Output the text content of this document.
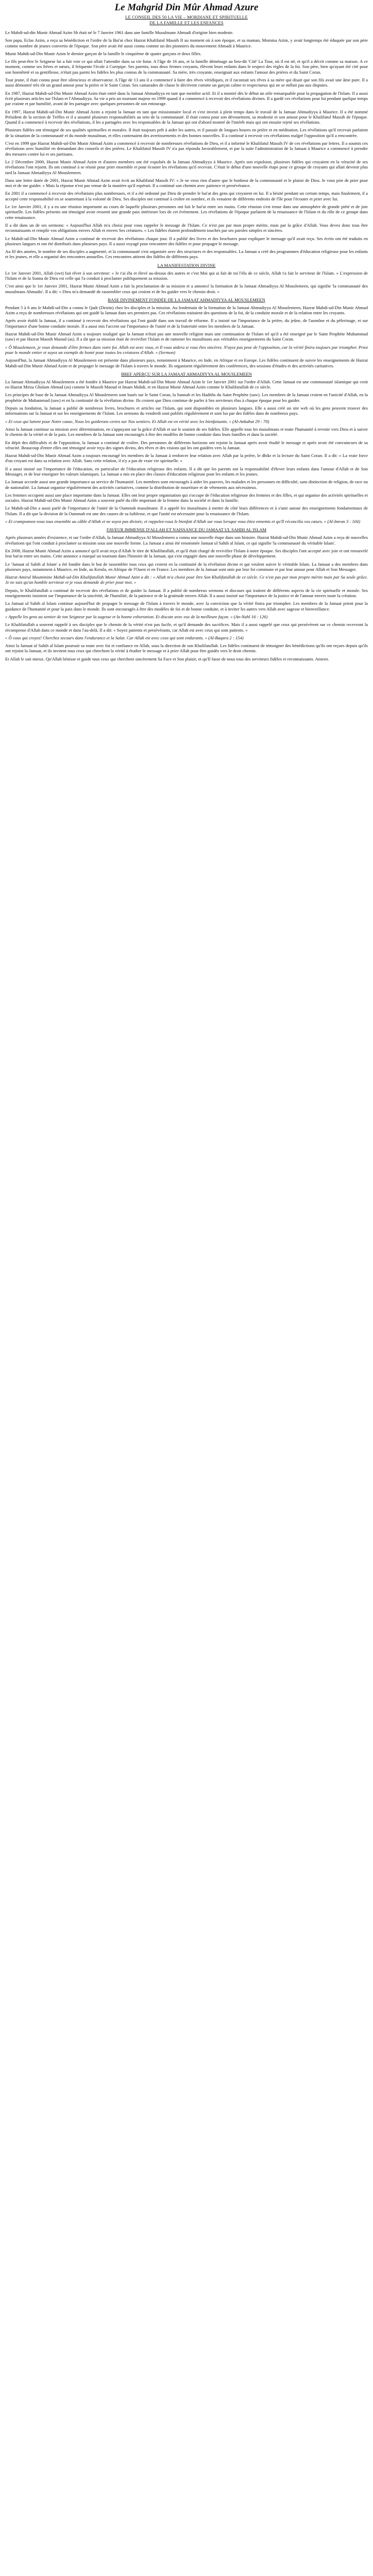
Le Mahgrid Din Mûr Ahmad Azure

LE CONSEIL DES 50 LA VIE – MORDIANE ET SPIRITUELLE

DE LA FAMILLE ET LES ENFANCES

Le Mahdi-ud-din Munir Ahmad Azim Sb était né le 7 Janvier 1961 dans une famille Musulmane Ahmadi d'origine bien modeste.

Son papa, Eclas Azim, a reçu sa bénédiction et l'ordre de la Bai'at chez Hazrat Khalifatul Massih II au moment où à son époque, et sa maman, Momina Azim, y avait longtemps été éduquée par son père comme nombre de jeunes convertis de l'époque. Son père avait été aussi connu comme un des pionniers du mouvement Ahmadi à Maurice.

Munir Mahdi-ud-Din Munir Azim le dernier garçon de la famille le cinquième de quatre garçons et deux filles.

Le fils peut-être le Seigneur lui a fait voir ce qui allait l'attendre dans sa vie futur. A l'âge de 16 ans, et la famille déménage au lieu-dit 'Cité' La Tour, où il est né, et qu'il a décrit comme sa maison. A ce moment, comme ses frères et sœurs, il fréquente l'école à Curepipe. Ses parents, tous deux fermes croyants, élèvent leurs enfants dans le respect des règles de la foi. Son père, bien qu'ayant été cité pour son honnêteté et sa gentillesse, n'était pas parmi les fidèles les plus connus de la communauté. Sa mère, très croyante, enseignait aux enfants l'amour des prières et du Saint Coran.

Tout jeune, il était connu pour être silencieux et observateur. A l'âge de 13 ans il a commencé à faire des rêves véridiques, et il racontait ses rêves à sa mère qui disait que son fils avait une âme pure. Il a aussi démontré très tôt un grand amour pour la prière et le Saint Coran. Ses camarades de classe le décrivent comme un garçon calme et respectueux qui ne se mêlait pas aux disputes.

En 1987, Hazrat Mahdi-ud-Din Munir Ahmad Azim était entré dans la Jamaat Ahmadiyya en tant que membre actif. Et il a montré dès le début un zèle remarquable pour la propagation de l'Islam. Il a aussi écrit plusieurs articles sur l'Islam et l'Ahmadiyya. Sa vie a pris un tournant majeur en 1999 quand il a commencé à recevoir des révélations divines. Il a gardé ces révélations pour lui pendant quelque temps par crainte et par humilité, avant de les partager avec quelques personnes de son entourage.

En 1997, Hazrat Mahdi-ud-Din Munir Ahmad Azim a rejoint la Jamaat en tant que missionnaire local et s'est investi à plein temps dans le travail de la Jamaat Ahmadiyya à Maurice. Il a été nommé Président de la section de Trèfles et il a assumé plusieurs responsabilités au sein de la communauté. Il était connu pour son dévouement, sa modestie et son amour pour le Khalifatul Massih de l'époque. Quand il a commencé à recevoir des révélations, il les a partagées avec les responsables de la Jamaat qui ont d'abord montré de l'intérêt mais qui ont ensuite rejeté ses révélations.

Plusieurs fidèles ont témoigné de ses qualités spirituelles et morales. Il était toujours prêt à aider les autres, et il passait de longues heures en prière et en méditation. Les révélations qu'il recevait parlaient de la situation de la communauté et du monde musulman, et elles contenaient des avertissements et des bonnes nouvelles. Il a continué à recevoir ces révélations malgré l'opposition qu'il a rencontrée.

C'est en 1999 que Hazrat Mahdi-ud-Din Munir Ahmad Azim a commencé à recevoir de nombreuses révélations de Dieu, et il a informé le Khalifatul Massih IV de ces révélations par lettres. Il a soumis ces révélations avec humilité en demandant des conseils et des prières. Le Khalifatul Massih IV n'a pas répondu favorablement, et par la suite l'administration de la Jamaat à Maurice a commencé à prendre des mesures contre lui et ses partisans.

Le 2 Décembre 2000, Hazrat Munir Ahmad Azim et d'autres membres ont été expulsés de la Jamaat Ahmadiyya à Maurice. Après son expulsion, plusieurs fidèles qui croyaient en la véracité de ses révélations l'ont rejoint. Ils ont continué à se réunir pour prier ensemble et pour écouter les révélations qu'il recevait. C'était le début d'une nouvelle étape pour ce groupe de croyants qui allait devenir plus tard la Jamaat Ahmadiyya Al Mouslemeen.

Dans une lettre datée de 2001, Hazrat Munir Ahmad Azim avait écrit au Khalifatul Massih IV: « Je ne veux rien d'autre que le bonheur de la communauté et le plaisir de Dieu. Je vous prie de prier pour moi et de me guider. » Mais la réponse n'est pas venue de la manière qu'il espérait. Il a continué son chemin avec patience et persévérance.

En 2001 il a commencé à recevoir des révélations plus nombreuses, et il a été ordonné par Dieu de prendre le bai'at des gens qui croyaient en lui. Il a hésité pendant un certain temps, mais finalement, il a accepté cette responsabilité en se soumettant à la volonté de Dieu. Ses disciples ont continué à croître en nombre, et ils venaient de différents endroits de l'île pour l'écouter et prier avec lui.

Le 1er Janvier 2001, il y a eu une réunion importante au cours de laquelle plusieurs personnes ont fait le bai'at entre ses mains. Cette réunion s'est tenue dans une atmosphère de grande piété et de joie spirituelle. Les fidèles présents ont témoigné avoir ressenti une grande paix intérieure lors de cet évènement. Les révélations de l'époque parlaient de la renaissance de l'Islam et du rôle de ce groupe dans cette renaissance.

Il a dit dans un de ses sermons: « Aujourd'hui Allah m'a choisi pour vous rappeler le message de l'Islam. Ce n'est pas par mon propre mérite, mais par la grâce d'Allah. Vous devez donc tous être reconnaissants et remplir vos obligations envers Allah et envers Ses créatures. » Les fidèles étaient profondément touchés par ses paroles simples et sincères.

Le Mahdi-ud-Din Munir Ahmad Azim a continué de recevoir des révélations chaque jour. Il a publié des livres et des brochures pour expliquer le message qu'il avait reçu. Ses écrits ont été traduits en plusieurs langues et ont été distribués dans plusieurs pays. Il a aussi voyagé pour rencontrer des fidèles et pour propager le message.

Au fil des années, le nombre de ses disciples a augmenté, et la communauté s'est organisée avec des structures et des responsables. La Jamaat a créé des programmes d'éducation religieuse pour les enfants et les jeunes, et elle a organisé des rencontres annuelles. Ces rencontres attirent des fidèles de différents pays.

LA MANIFESTATION DIVINE

Le 1er Janvier 2001, Allah (swt) fait rêver à son serviteur: « Je t'ai élu et élevé au-dessus des autres et c'est Moi qui ai fait de toi l'élu de ce siècle, Allah t'a fait le serviteur de l'Islam. » L'expression de l'Islam et de la Sunna de Dieu est celle qui l'a conduit à proclamer publiquement sa mission.

C'est ainsi que le 1er Janvier 2001, Hazrat Munir Ahmad Azim a fait la proclamation de sa mission et a annoncé la formation de la Jamaat Ahmadiyya Al Mouslemeen, qui signifie 'la communauté des musulmans Ahmadis'. Il a dit: « Dieu m'a demandé de rassembler ceux qui croient et de les guider vers le chemin droit. »

BASE DIVINEMENT FONDÉE DE LA JAMAAT AHMADIYYA AL MOUSLEMEEN

Pendant 5 à 6 ans le Mahdi-ud-Din a connu le Qadr (Destin) chez les disciples et la mission. Au lendemain de la formation de la Jamaat Ahmadiyya Al Mouslemeen, Hazrat Mahdi-ud-Din Munir Ahmad Azim a reçu de nombreuses révélations qui ont guidé la Jamaat dans ses premiers pas. Ces révélations traitaient des questions de la foi, de la conduite morale et de la relation entre les croyants.

Après avoir établi la Jamaat, il a continué à recevoir des révélations qui l'ont guidé dans son travail de réforme. Il a insisté sur l'importance de la prière, du jeûne, de l'aumône et du pèlerinage, et sur l'importance d'une bonne conduite morale. Il a aussi mis l'accent sur l'importance de l'unité et de la fraternité entre les membres de la Jamaat.

Hazrat Mahdi-ud-Din Munir Ahmad Azim a toujours souligné que la Jamaat n'était pas une nouvelle religion mais une continuation de l'Islam tel qu'il a été enseigné par le Saint Prophète Muhammad (saw) et par Hazrat Massih Maoud (as). Il a dit que sa mission était de revivifier l'Islam et de ramener les musulmans aux véritables enseignements du Saint Coran.

« Ô Mouslemeen, je vous demande d'être fermes dans votre foi. Allah est avec vous, et Il vous aidera si vous êtes sincères. N'ayez pas peur de l'opposition, car la vérité finira toujours par triompher. Priez pour le monde entier et soyez un exemple de bonté pour toutes les créatures d'Allah. » (Sermon)

Aujourd'hui, la Jamaat Ahmadiyya Al Mouslemeen est présente dans plusieurs pays, notamment à Maurice, en Inde, en Afrique et en Europe. Les fidèles continuent de suivre les enseignements de Hazrat Mahdi-ud-Din Munir Ahmad Azim et de propager le message de l'Islam à travers le monde. Ils organisent régulièrement des conférences, des sessions d'études et des activités caritatives.

BREF APERÇU SUR LA JAMAAT AHMADIYYA AL MOUSLEMEEN

La Jamaat Ahmadiyya Al Mouslemeen a été fondée à Maurice par Hazrat Mahdi-ud-Din Munir Ahmad Azim le 1er Janvier 2001 sur l'ordre d'Allah. Cette Jamaat est une communauté islamique qui croit en Hazrat Mirza Ghulam Ahmad (as) comme le Massih Maoud et Imam Mahdi, et en Hazrat Munir Ahmad Azim comme le Khalifatullah de ce siècle.

Les principes de base de la Jamaat Ahmadiyya Al Mouslemeen sont basés sur le Saint Coran, la Sunnah et les Hadiths du Saint Prophète (saw). Les membres de la Jamaat croient en l'unicité d'Allah, en la prophétie de Muhammad (saw) et en la continuité de la révélation divine. Ils croient que Dieu continue de parler à Ses serviteurs élus à chaque époque pour les guider.

Depuis sa fondation, la Jamaat a publié de nombreux livres, brochures et articles sur l'Islam, qui sont disponibles en plusieurs langues. Elle a aussi créé un site web où les gens peuvent trouver des informations sur la Jamaat et sur les enseignements de l'Islam. Les sermons du vendredi sont publiés régulièrement et sont lus par des fidèles dans de nombreux pays.

« Et ceux qui luttent pour Notre cause, Nous les guiderons certes sur Nos sentiers. Et Allah est en vérité avec les bienfaisants. » (Al-Ankabut 29 : 70)

Ainsi la Jamaat continue sa mission avec détermination, en s'appuyant sur la grâce d'Allah et sur le soutien de ses fidèles. Elle appelle tous les musulmans et toute l'humanité à revenir vers Dieu et à suivre le chemin de la vérité et de la paix. Les membres de la Jamaat sont encouragés à être des modèles de bonne conduite dans leurs familles et dans la société.

En dépit des difficultés et de l'opposition, la Jamaat a continué de croître. Des personnes de différents horizons ont rejoint la Jamaat après avoir étudié le message et après avoir été convaincues de sa véracité. Beaucoup d'entre elles ont témoigné avoir reçu des signes divins, des rêves et des visions qui les ont guidées vers la Jamaat.

Hazrat Mahdi-ud-Din Munir Ahmad Azim a toujours encouragé les membres de la Jamaat à renforcer leur relation avec Allah par la prière, le dhikr et la lecture du Saint Coran. Il a dit: « La vraie force d'un croyant est dans sa relation avec Allah. Sans cette relation, il n'y a pas de vraie vie spirituelle. »

Il a aussi insisté sur l'importance de l'éducation, en particulier de l'éducation religieuse des enfants. Il a dit que les parents ont la responsabilité d'élever leurs enfants dans l'amour d'Allah et de Son Messager, et de leur enseigner les valeurs islamiques. La Jamaat a mis en place des classes d'éducation religieuse pour les enfants et les jeunes.

La Jamaat accorde aussi une grande importance au service de l'humanité. Les membres sont encouragés à aider les pauvres, les malades et les personnes en difficulté, sans distinction de religion, de race ou de nationalité. La Jamaat organise régulièrement des activités caritatives, comme la distribution de nourriture et de vêtements aux nécessiteux.

Les femmes occupent aussi une place importante dans la Jamaat. Elles ont leur propre organisation qui s'occupe de l'éducation religieuse des femmes et des filles, et qui organise des activités spirituelles et sociales. Hazrat Mahdi-ud-Din Munir Ahmad Azim a souvent parlé du rôle important de la femme dans la société et dans la famille.

Le Mahdi-ud-Din a aussi parlé de l'importance de l'unité de la Oummah musulmane. Il a appelé les musulmans à mettre de côté leurs différences et à s'unir autour des enseignements fondamentaux de l'Islam. Il a dit que la division de la Oummah est une des causes de sa faiblesse, et que l'unité est nécessaire pour la renaissance de l'Islam.

« Et cramponnez-vous tous ensemble au câble d'Allah et ne soyez pas divisés; et rappelez-vous le bienfait d'Allah sur vous lorsque vous étiez ennemis et qu'Il réconcilia vos cœurs. » (Al-Imran 3 : 104)

FAVEUR IMMENSE D'ALLAH ET NAISSANCE DU JAMAAT UL SAHIH AL ISLAM

Après plusieurs années d'existence, et sur l'ordre d'Allah, la Jamaat Ahmadiyya Al Mouslemeen a connu une nouvelle étape dans son histoire. Hazrat Mahdi-ud-Din Munir Ahmad Azim a reçu de nouvelles révélations qui l'ont conduit à proclamer sa mission sous une nouvelle forme. La Jamaat a ainsi été renommée Jamaat ul Sahih al Islam, ce qui signifie 'la communauté du véritable Islam'.

En 2008, Hazrat Munir Ahmad Azim a annoncé qu'il avait reçu d'Allah le titre de Khalifatullah, et qu'il était chargé de revivifier l'Islam à notre époque. Ses disciples l'ont accepté avec joie et ont renouvelé leur bai'at entre ses mains. Cette annonce a marqué un tournant dans l'histoire de la Jamaat, qui s'est engagée dans une nouvelle phase de développement.

Le 'Jamaat ul Sahih al Islam' a été fondée dans le but de rassembler tous ceux qui croient en la continuité de la révélation divine et qui veulent suivre le véritable Islam. La Jamaat a des membres dans plusieurs pays, notamment à Maurice, en Inde, au Kerala, en Afrique de l'Ouest et en France. Les membres de la Jamaat sont unis par leur foi commune et par leur amour pour Allah et Son Messager.

Hazrat Amirul Mouminine Mahdi-ud-Din Khalifatullah Munir Ahmad Azim a dit : « Allah m'a choisi pour être Son Khalifatullah de ce siècle. Ce n'est pas par mon propre mérite mais par Sa seule grâce. Je ne suis qu'un humble serviteur et je vous demande de prier pour moi. »

Depuis, le Khalifatullah a continué de recevoir des révélations et de guider la Jamaat. Il a publié de nombreux sermons et discours qui traitent de différents aspects de la vie spirituelle et morale. Ses enseignements insistent sur l'importance de la sincérité, de l'humilité, de la patience et de la gratitude envers Allah. Il a aussi insisté sur l'importance de la justice et de l'amour envers toute la création.

La Jamaat ul Sahih al Islam continue aujourd'hui de propager le message de l'Islam à travers le monde, avec la conviction que la vérité finira par triompher. Les membres de la Jamaat prient pour la guidance de l'humanité et pour la paix dans le monde. Ils sont encouragés à être des modèles de foi et de bonne conduite, et à inviter les autres vers Allah avec sagesse et bienveillance.

« Appelle les gens au sentier de ton Seigneur par la sagesse et la bonne exhortation. Et discute avec eux de la meilleure façon. » (An-Nahl 16 : 126)

Le Khalifatullah a souvent rappelé à ses disciples que le chemin de la vérité n'est pas facile, et qu'il demande des sacrifices. Mais il a aussi rappelé que ceux qui persévèrent sur ce chemin recevront la récompense d'Allah dans ce monde et dans l'au-delà. Il a dit: « Soyez patients et persévérants, car Allah est avec ceux qui sont patients. »

« Ô vous qui croyez! Cherchez secours dans l'endurance et la Salat. Car Allah est avec ceux qui sont endurants. » (Al-Baqara 2 : 154)

Ainsi la Jamaat ul Sahih al Islam poursuit sa route avec foi et confiance en Allah, sous la direction de son Khalifatullah. Les fidèles continuent de témoigner des bénédictions qu'ils ont reçues depuis qu'ils ont rejoint la Jamaat, et ils invitent tous ceux qui cherchent la vérité à étudier le message et à prier Allah pour être guidés vers le droit chemin.

Et Allah le sait mieux. Qu'Allah bénisse et guide tous ceux qui cherchent sincèrement Sa Face et Son plaisir, et qu'Il fasse de nous tous des serviteurs fidèles et reconnaissants. Ameen.
